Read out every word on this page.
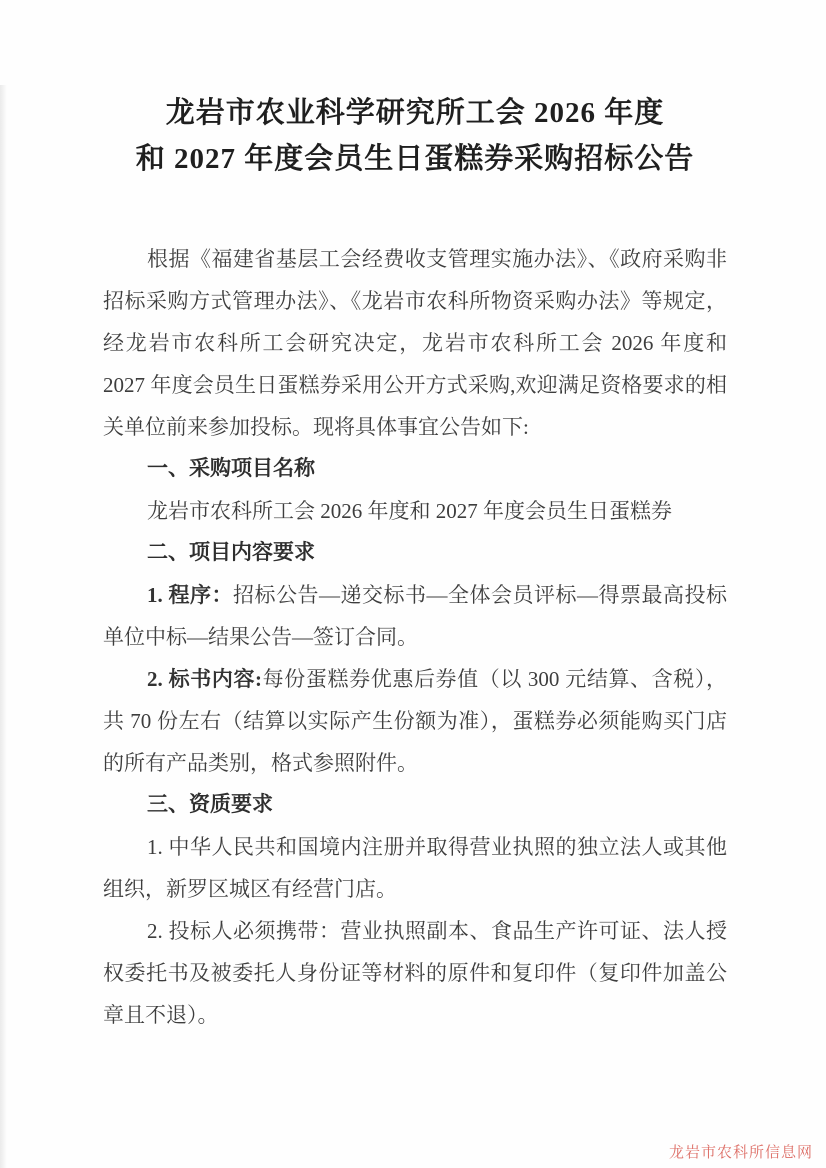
龙岩市农业科学研究所工会 2026 年度
和 2027 年度会员生日蛋糕券采购招标公告

根据《福建省基层工会经费收支管理实施办法》、《政府采购非招标采购方式管理办法》、《龙岩市农科所物资采购办法》等规定，经龙岩市农科所工会研究决定，龙岩市农科所工会 2026 年度和 2027 年度会员生日蛋糕券采用公开方式采购,欢迎满足资格要求的相关单位前来参加投标。现将具体事宜公告如下:

一、采购项目名称

龙岩市农科所工会 2026 年度和 2027 年度会员生日蛋糕券

二、项目内容要求

1. 程序：招标公告—递交标书—全体会员评标—得票最高投标单位中标—结果公告—签订合同。

2. 标书内容:每份蛋糕券优惠后券值（以 300 元结算、含税），共 70 份左右（结算以实际产生份额为准），蛋糕券必须能购买门店的所有产品类别，格式参照附件。

三、资质要求

1. 中华人民共和国境内注册并取得营业执照的独立法人或其他组织，新罗区城区有经营门店。

2. 投标人必须携带：营业执照副本、食品生产许可证、法人授权委托书及被委托人身份证等材料的原件和复印件（复印件加盖公章且不退）。

龙岩市农科所信息网
